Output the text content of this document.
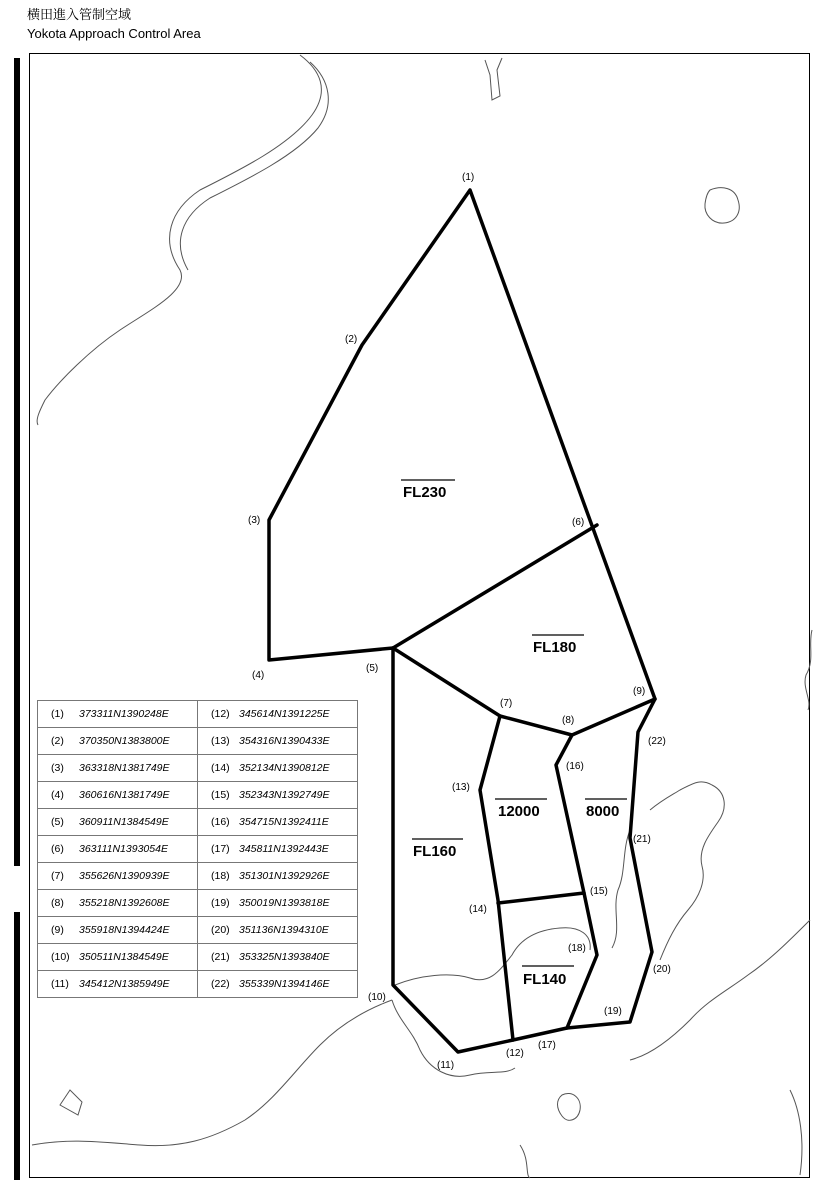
横田進入管制空域
Yokota Approach Control Area
(1)
(2)
(3)
(4)
(5)
(6)
(7)
(8)
(9)
(10)
(11)
(12)
(13)
(14)
(15)
(16)
(17)
(18)
(19)
(20)
(21)
(22)
FL230
FL180
FL160
12000	8000
FL140
(1) 373311N1390248E	(12) 345614N1391225E
(2) 370350N1383800E	(13) 354316N1390433E
(3) 363318N1381749E	(14) 352134N1390812E
(4) 360616N1381749E	(15) 352343N1392749E
(5) 360911N1384549E	(16) 354715N1392411E
(6) 363111N1393054E	(17) 345811N1392443E
(7) 355626N1390939E	(18) 351301N1392926E
(8) 355218N1392608E	(19) 350019N1393818E
(9) 355918N1394424E	(20) 351136N1394310E
(10) 350511N1384549E	(21) 353325N1393840E
(11) 345412N1385949E	(22) 355339N1394146E
